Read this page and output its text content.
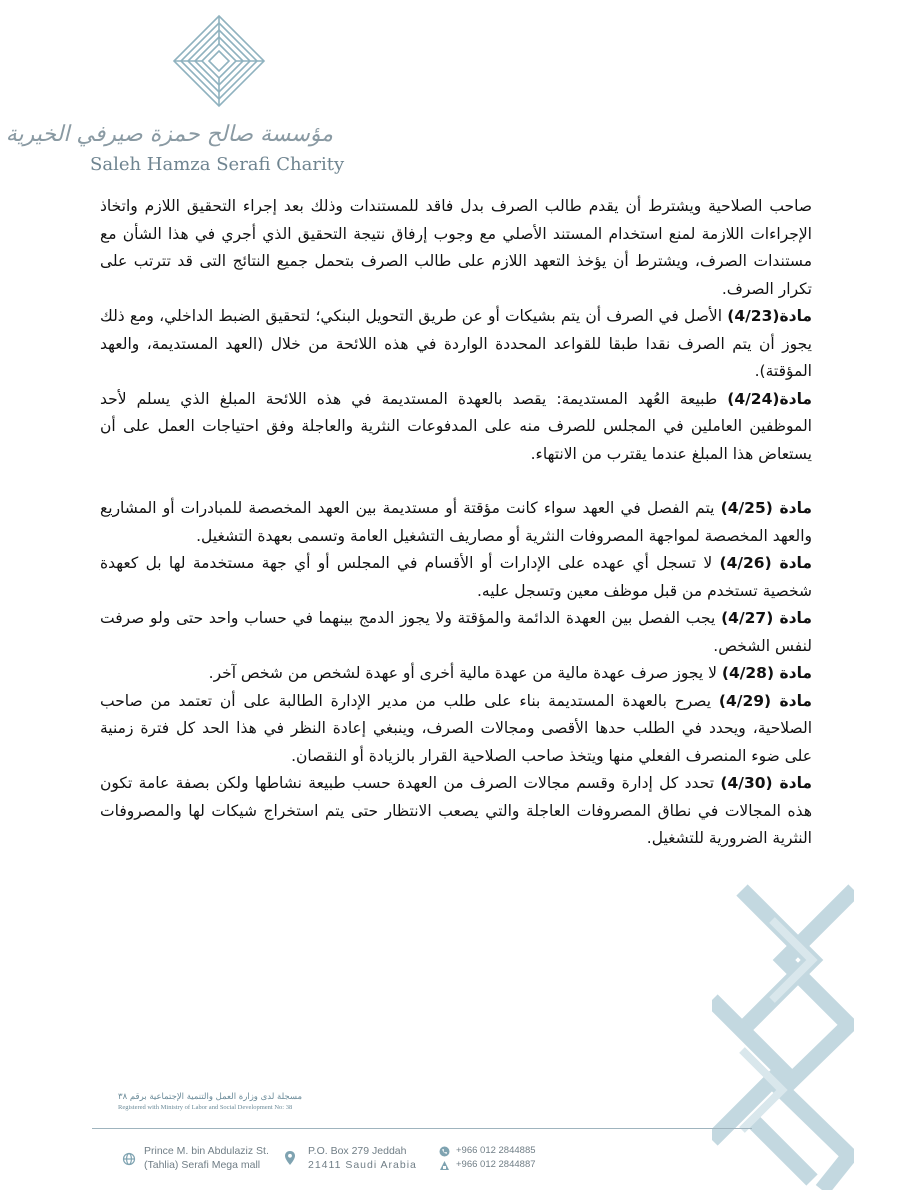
مؤسسة صالح حمزة صيرفي الخيرية
Saleh Hamza Serafi Charity

صاحب الصلاحية ويشترط أن يقدم طالب الصرف بدل فاقد للمستندات وذلك بعد إجراء التحقيق اللازم واتخاذ الإجراءات اللازمة لمنع استخدام المستند الأصلي مع وجوب إرفاق نتيجة التحقيق الذي أجري في هذا الشأن مع مستندات الصرف، ويشترط أن يؤخذ التعهد اللازم على طالب الصرف بتحمل جميع النتائج التى قد تترتب على تكرار الصرف.

مادة(4/23) الأصل في الصرف أن يتم بشيكات أو عن طريق التحويل البنكي؛ لتحقيق الضبط الداخلي، ومع ذلك يجوز أن يتم الصرف نقدا طبقا للقواعد المحددة الواردة في هذه اللائحة من خلال (العهد المستديمة، والعهد المؤقتة).

مادة(4/24) طبيعة العُهد المستديمة: يقصد بالعهدة المستديمة في هذه اللائحة المبلغ الذي يسلم لأحد الموظفين العاملين في المجلس للصرف منه على المدفوعات النثرية والعاجلة وفق احتياجات العمل على أن يستعاض هذا المبلغ عندما يقترب من الانتهاء.

مادة (4/25) يتم الفصل في العهد سواء كانت مؤقتة أو مستديمة بين العهد المخصصة للمبادرات أو المشاريع والعهد المخصصة لمواجهة المصروفات النثرية أو مصاريف التشغيل العامة وتسمى بعهدة التشغيل.

مادة (4/26) لا تسجل أي عهده على الإدارات أو الأقسام في المجلس أو أي جهة مستخدمة لها بل كعهدة شخصية تستخدم من قبل موظف معين وتسجل عليه.

مادة (4/27) يجب الفصل بين العهدة الدائمة والمؤقتة ولا يجوز الدمج بينهما في حساب واحد حتى ولو صرفت لنفس الشخص.

مادة (4/28) لا يجوز صرف عهدة مالية من عهدة مالية أخرى أو عهدة لشخص من شخص آخر.

مادة (4/29) يصرح بالعهدة المستديمة بناء على طلب من مدير الإدارة الطالبة على أن تعتمد من صاحب الصلاحية، ويحدد في الطلب حدها الأقصى ومجالات الصرف، وينبغي إعادة النظر في هذا الحد كل فترة زمنية على ضوء المنصرف الفعلي منها ويتخذ صاحب الصلاحية القرار بالزيادة أو النقصان.

مادة (4/30) تحدد كل إدارة وقسم مجالات الصرف من العهدة حسب طبيعة نشاطها ولكن بصفة عامة تكون هذه المجالات في نطاق المصروفات العاجلة والتي يصعب الانتظار حتى يتم استخراج شيكات لها والمصروفات النثرية الضرورية للتشغيل.

مسجلة لدى وزارة العمل والتنمية الإجتماعية برقم ٣٨
Registered with Ministry of Labor and Social Development No: 38
Prince M. bin Abdulaziz St.
(Tahlia) Serafi Mega mall
P.O. Box 279 Jeddah
21411 Saudi Arabia
+966 012 2844885
+966 012 2844887
